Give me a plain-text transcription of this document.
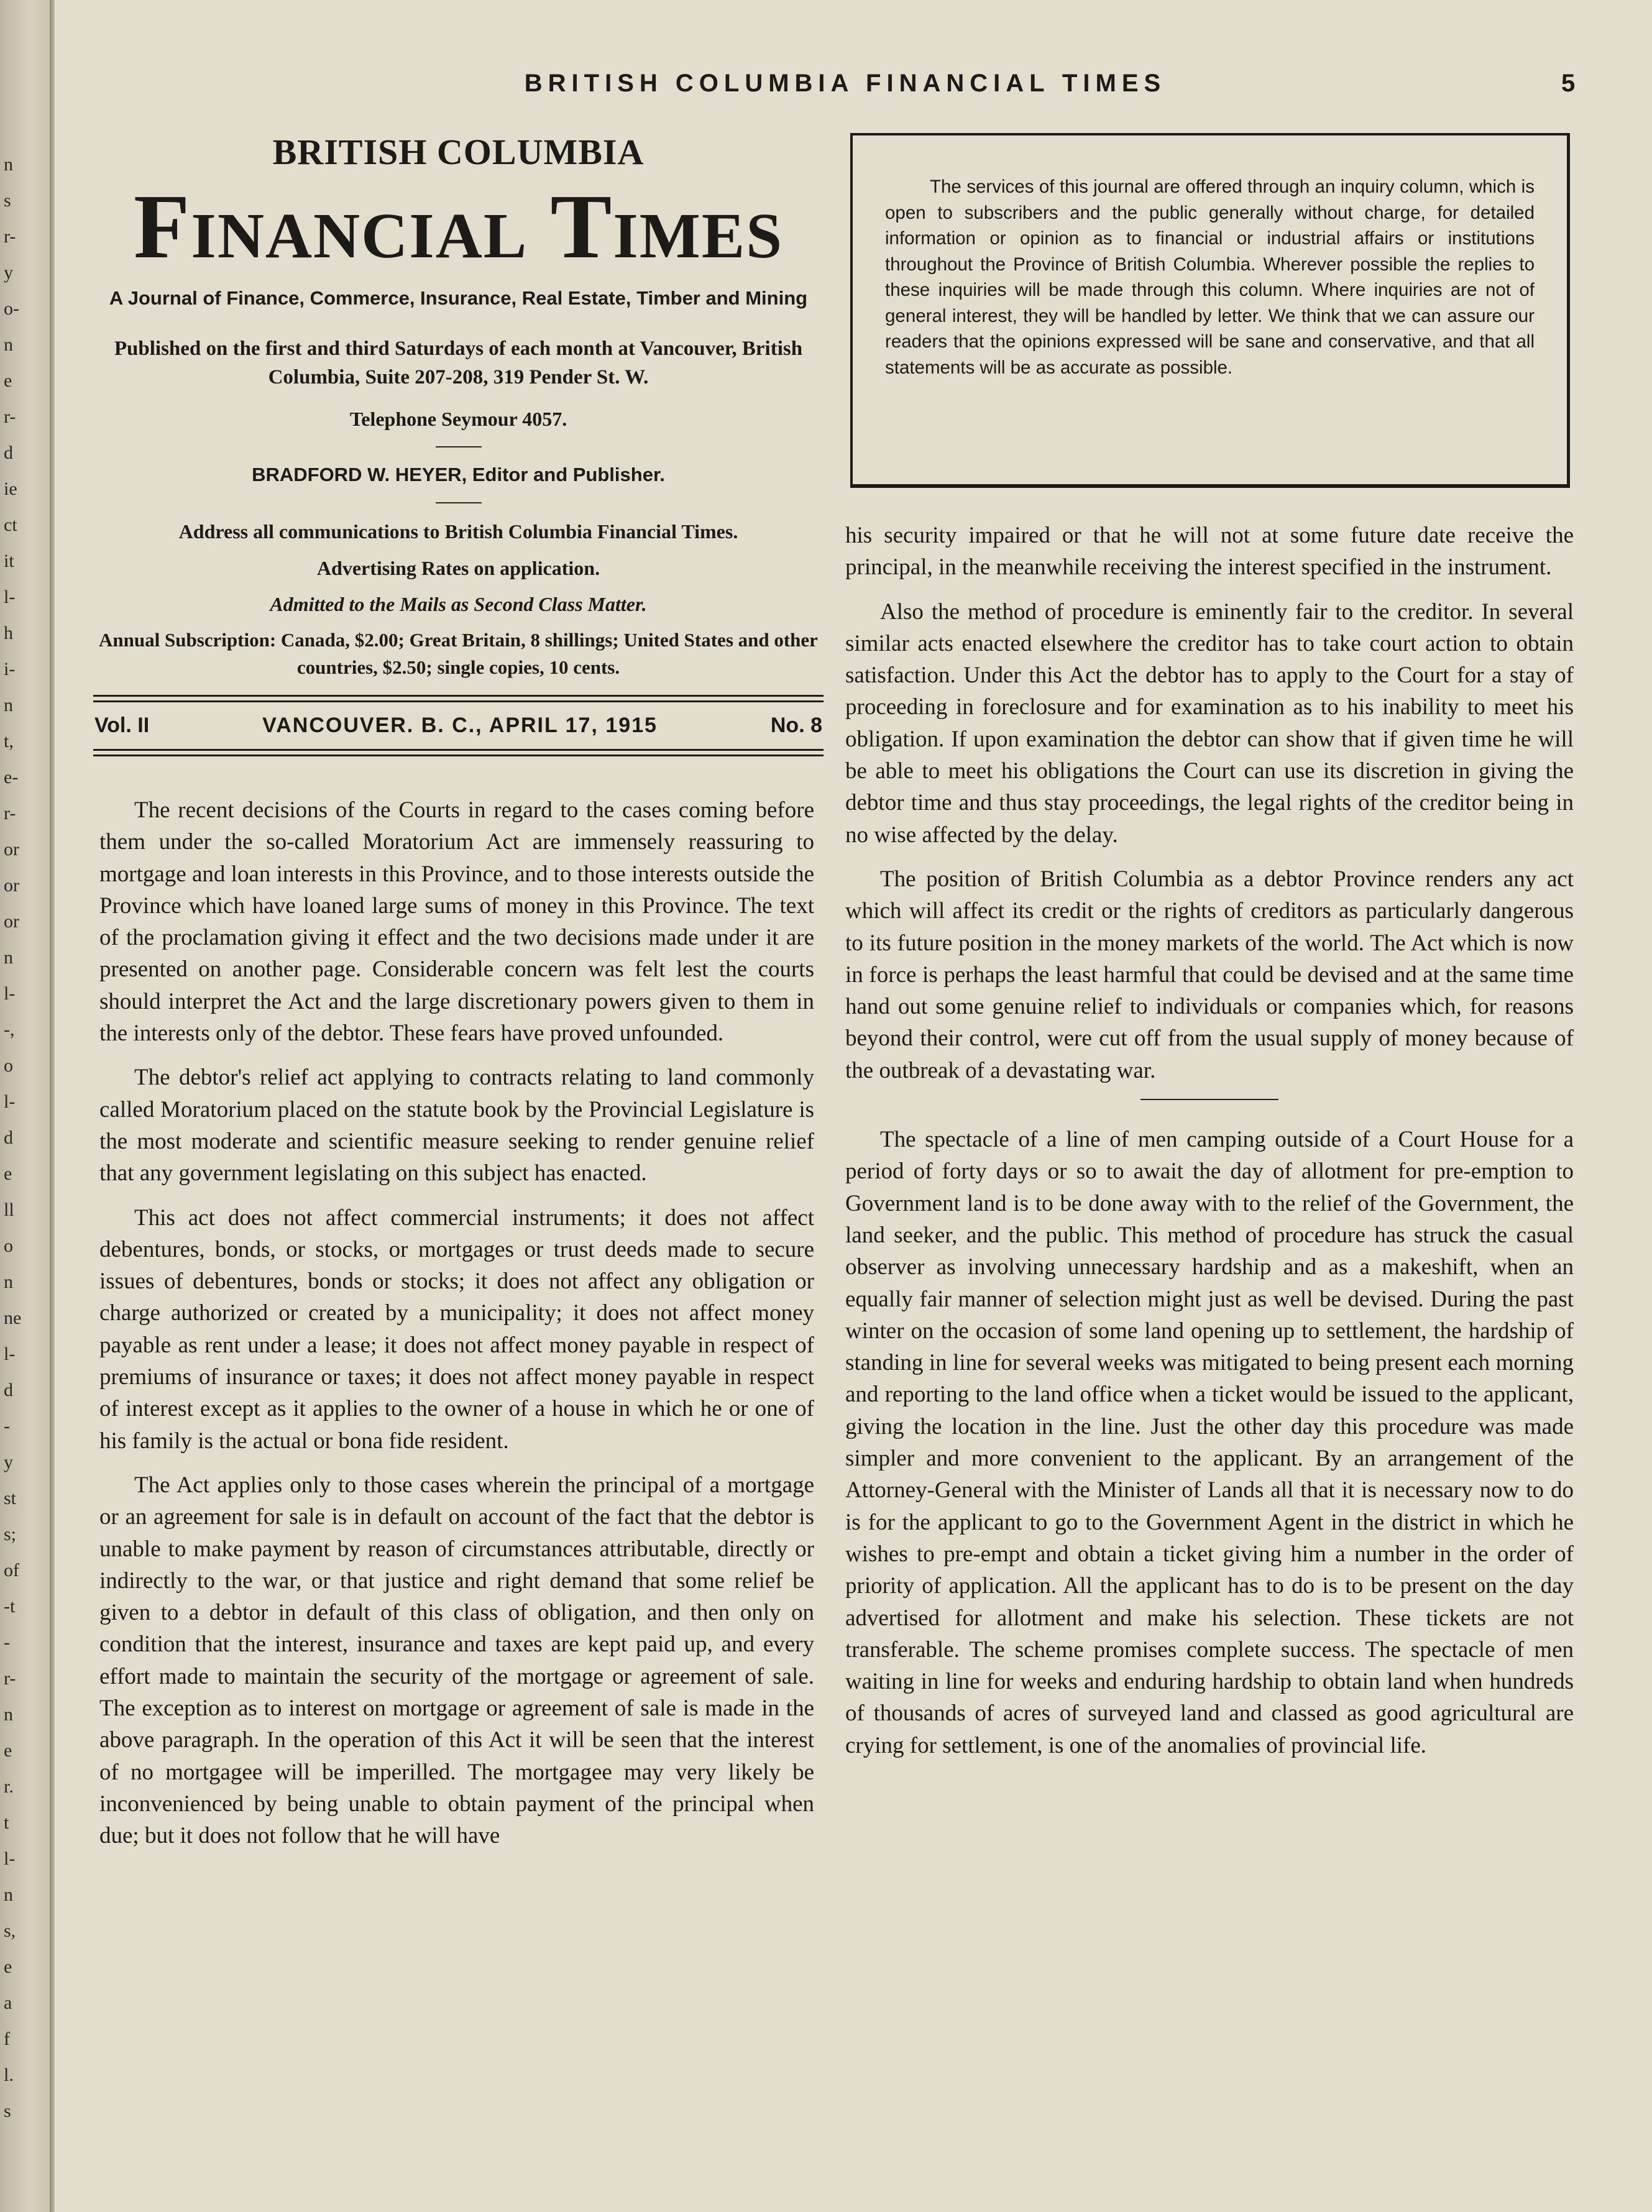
n
s
r-
y
o-
n
e
r-
d
ie
ct
it
l-
h
i-
n
t,
e-
r-
or
or
or
n
l-
-,
o
l-
d
e
ll
o
n
ne
l-
d
-
y
st
s;
of
-t
-
r-
n
e
r.
t
l-
n
s,
e
a
f
l.
s
BRITISH COLUMBIA FINANCIAL TIMES	5
BRITISH COLUMBIA
Financial Times
A Journal of Finance, Commerce, Insurance, Real Estate, Timber and Mining
Published on the first and third Saturdays of each month at Vancouver, British Columbia, Suite 207-208, 319 Pender St. W.
Telephone Seymour 4057.
BRADFORD W. HEYER, Editor and Publisher.
Address all communications to British Columbia Financial Times.
Advertising Rates on application.
Admitted to the Mails as Second Class Matter.
Annual Subscription: Canada, $2.00; Great Britain, 8 shillings; United States and other countries, $2.50; single copies, 10 cents.
Vol. II	VANCOUVER. B. C., APRIL 17, 1915	No. 8

The recent decisions of the Courts in regard to the cases coming before them under the so-called Moratorium Act are immensely reassuring to mortgage and loan interests in this Province, and to those interests outside the Province which have loaned large sums of money in this Province. The text of the proclamation giving it effect and the two decisions made under it are presented on another page. Considerable concern was felt lest the courts should interpret the Act and the large discretionary powers given to them in the interests only of the debtor. These fears have proved unfounded.

The debtor's relief act applying to contracts relating to land commonly called Moratorium placed on the statute book by the Provincial Legislature is the most moderate and scientific measure seeking to render genuine relief that any government legislating on this subject has enacted.

This act does not affect commercial instruments; it does not affect debentures, bonds, or stocks, or mortgages or trust deeds made to secure issues of debentures, bonds or stocks; it does not affect any obligation or charge authorized or created by a municipality; it does not affect money payable as rent under a lease; it does not affect money payable in respect of premiums of insurance or taxes; it does not affect money payable in respect of interest except as it applies to the owner of a house in which he or one of his family is the actual or bona fide resident.

The Act applies only to those cases wherein the principal of a mortgage or an agreement for sale is in default on account of the fact that the debtor is unable to make payment by reason of circumstances attributable, directly or indirectly to the war, or that justice and right demand that some relief be given to a debtor in default of this class of obligation, and then only on condition that the interest, insurance and taxes are kept paid up, and every effort made to maintain the security of the mortgage or agreement of sale. The exception as to interest on mortgage or agreement of sale is made in the above paragraph. In the operation of this Act it will be seen that the interest of no mortgagee will be imperilled. The mortgagee may very likely be inconvenienced by being unable to obtain payment of the principal when due; but it does not follow that he will have

The services of this journal are offered through an inquiry column, which is open to subscribers and the public generally without charge, for detailed information or opinion as to financial or industrial affairs or institutions throughout the Province of British Columbia. Wherever possible the replies to these inquiries will be made through this column. Where inquiries are not of general interest, they will be handled by letter. We think that we can assure our readers that the opinions expressed will be sane and conservative, and that all statements will be as accurate as possible.

his security impaired or that he will not at some future date receive the principal, in the meanwhile receiving the interest specified in the instrument.

Also the method of procedure is eminently fair to the creditor. In several similar acts enacted elsewhere the creditor has to take court action to obtain satisfaction. Under this Act the debtor has to apply to the Court for a stay of proceeding in foreclosure and for examination as to his inability to meet his obligation. If upon examination the debtor can show that if given time he will be able to meet his obligations the Court can use its discretion in giving the debtor time and thus stay proceedings, the legal rights of the creditor being in no wise affected by the delay.

The position of British Columbia as a debtor Province renders any act which will affect its credit or the rights of creditors as particularly dangerous to its future position in the money markets of the world. The Act which is now in force is perhaps the least harmful that could be devised and at the same time hand out some genuine relief to individuals or companies which, for reasons beyond their control, were cut off from the usual supply of money because of the outbreak of a devastating war.

The spectacle of a line of men camping outside of a Court House for a period of forty days or so to await the day of allotment for pre-emption to Government land is to be done away with to the relief of the Government, the land seeker, and the public. This method of procedure has struck the casual observer as involving unnecessary hardship and as a makeshift, when an equally fair manner of selection might just as well be devised. During the past winter on the occasion of some land opening up to settlement, the hardship of standing in line for several weeks was mitigated to being present each morning and reporting to the land office when a ticket would be issued to the applicant, giving the location in the line. Just the other day this procedure was made simpler and more convenient to the applicant. By an arrangement of the Attorney-General with the Minister of Lands all that it is necessary now to do is for the applicant to go to the Government Agent in the district in which he wishes to pre-empt and obtain a ticket giving him a number in the order of priority of application. All the applicant has to do is to be present on the day advertised for allotment and make his selection. These tickets are not transferable. The scheme promises complete success. The spectacle of men waiting in line for weeks and enduring hardship to obtain land when hundreds of thousands of acres of surveyed land and classed as good agricultural are crying for settlement, is one of the anomalies of provincial life.
